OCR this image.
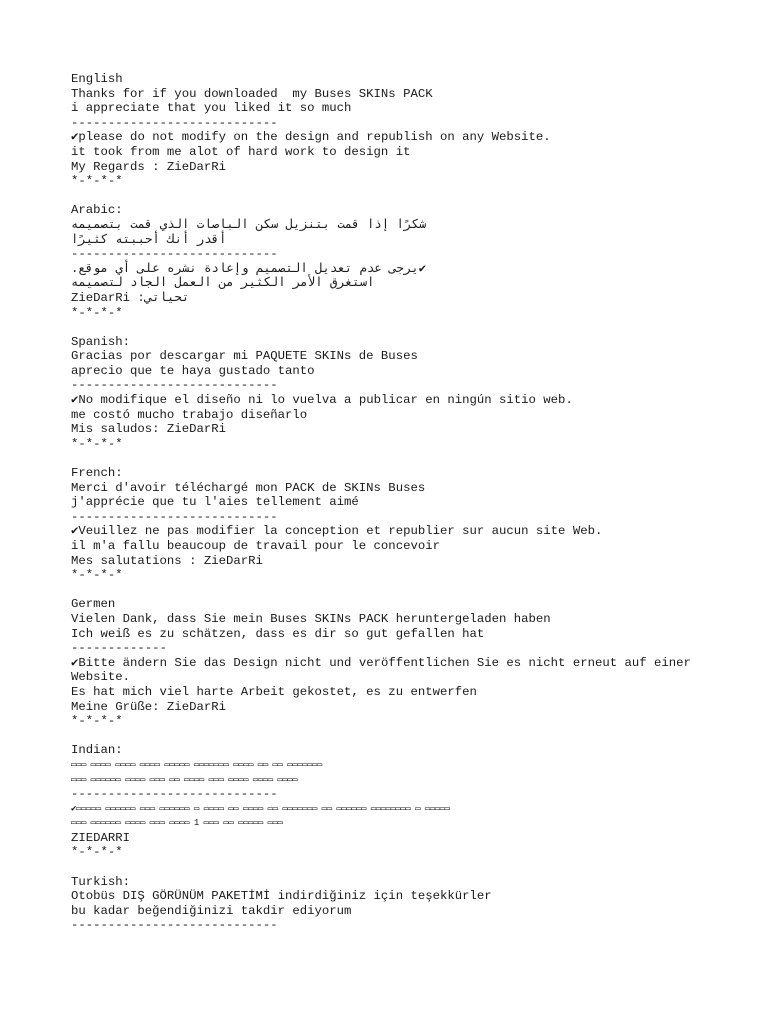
English
Thanks for if you downloaded  my Buses SKINs PACK
i appreciate that you liked it so much
----------------------------
✔please do not modify on the design and republish on any Website.
it took from me alot of hard work to design it
My Regards : ZieDarRi
*-*-*-*
Arabic:
شكرًا إذا قمت بتنزيل سكن الباصات الذي قمت بتصميمه
أقدر أنك أحببته كثيرًا
----------------------------
✔يرجى عدم تعديل التصميم وإعادة نشره على أي موقع.
استغرق الأمر الكثير من العمل الجاد لتصميمه
تحياتي: ZieDarRi
*-*-*-*
Spanish:
Gracias por descargar mi PAQUETE SKINs de Buses
aprecio que te haya gustado tanto
----------------------------
✔No modifique el diseño ni lo vuelva a publicar en ningún sitio web.
me costó mucho trabajo diseñarlo
Mis saludos: ZieDarRi
*-*-*-*
French:
Merci d'avoir téléchargé mon PACK de SKINs Buses
j'apprécie que tu l'aies tellement aimé
----------------------------
✔Veuillez ne pas modifier la conception et republier sur aucun site Web.
il m'a fallu beaucoup de travail pour le concevoir
Mes salutations : ZieDarRi
*-*-*-*
Germen
Vielen Dank, dass Sie mein Buses SKINs PACK heruntergeladen haben
Ich weiß es zu schätzen, dass es dir so gut gefallen hat
-------------
✔Bitte ändern Sie das Design nicht und veröffentlichen Sie es nicht erneut auf einer Website.
Es hat mich viel harte Arbeit gekostet, es zu entwerfen
Meine Grüße: ZieDarRi
*-*-*-*
Indian:
▭▭▭ ▭▭▭▭ ▭▭▭▭ ▭▭▭▭ ▭▭▭▭▭ ▭▭▭▭▭▭▭ ▭▭▭▭ ▭▭ ▭▭ ▭▭▭▭▭▭▭
▭▭▭ ▭▭▭▭▭▭ ▭▭▭▭ ▭▭▭ ▭▭ ▭▭▭▭ ▭▭▭ ▭▭▭▭ ▭▭▭▭ ▭▭▭▭
----------------------------
✔▭▭▭▭▭ ▭▭▭▭▭▭ ▭▭▭ ▭▭▭▭▭▭ ▭ ▭▭▭▭ ▭▭ ▭▭▭▭ ▭▭ ▭▭▭▭▭▭▭ ▭▭ ▭▭▭▭▭▭ ▭▭▭▭▭▭▭▭ ▭ ▭▭▭▭▭
▭▭▭ ▭▭▭▭▭▭ ▭▭▭▭ ▭▭▭ ▭▭▭▭ 1 ▭▭▭ ▭▭ ▭▭▭▭▭ ▭▭▭
ZIEDARRI
*-*-*-*
Turkish:
Otobüs DIŞ GÖRÜNÜM PAKETİMİ indirdiğiniz için teşekkürler
bu kadar beğendiğinizi takdir ediyorum
----------------------------
